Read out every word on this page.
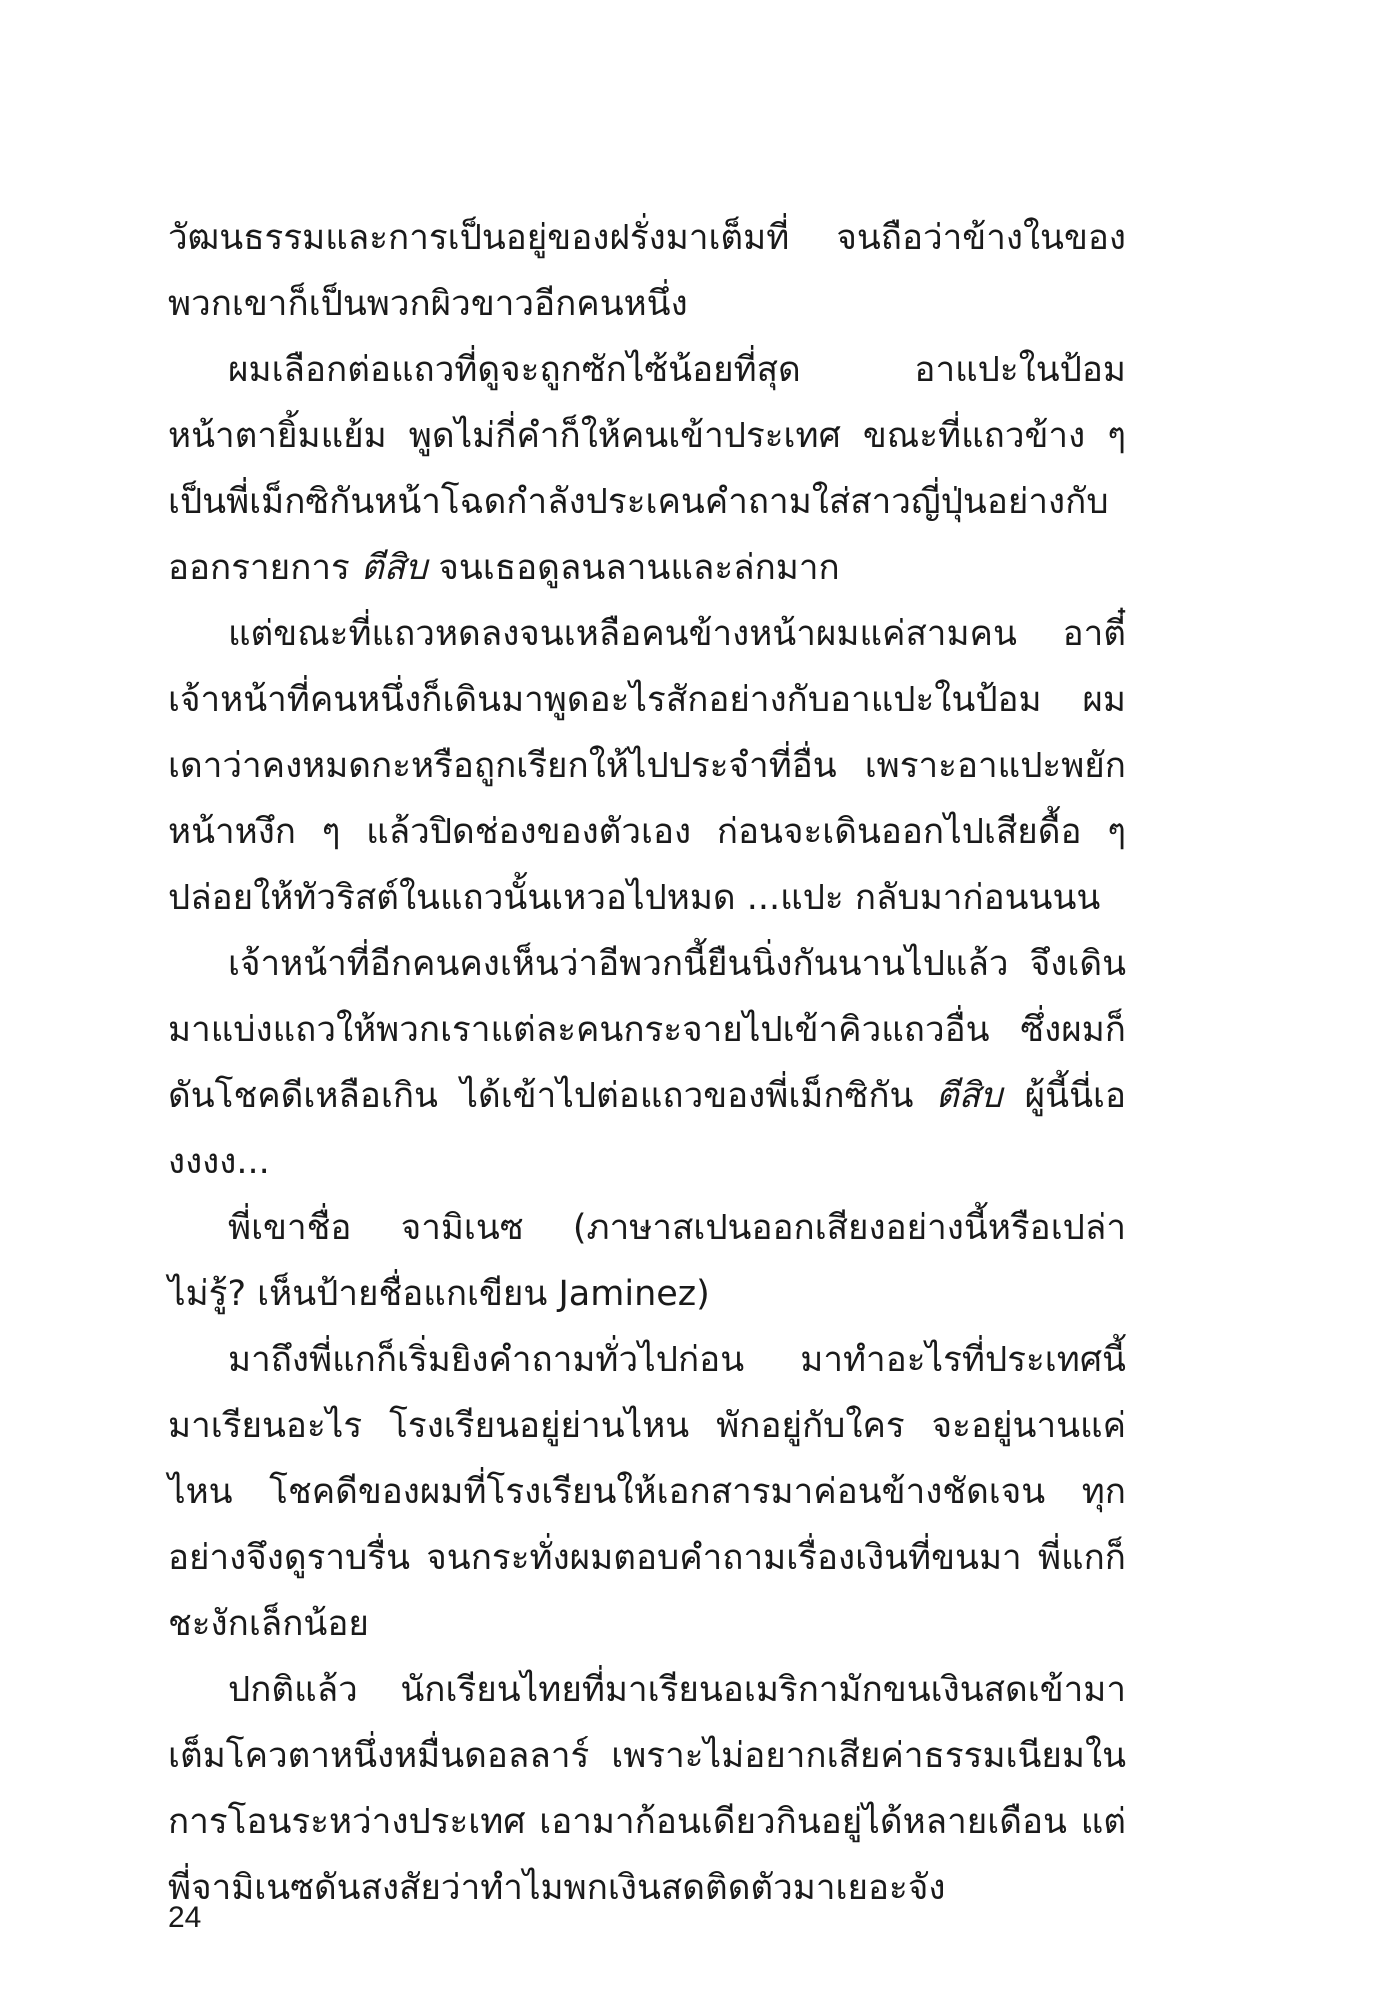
วัฒนธรรมและการเป็นอยู่ของฝรั่งมาเต็มที่ จนถือว่าข้างในของพวกเขาก็เป็นพวกผิวขาวอีกคนหนึ่ง

ผมเลือกต่อแถวที่ดูจะถูกซักไซ้น้อยที่สุด อาแปะในป้อมหน้าตายิ้มแย้ม พูดไม่กี่คำก็ให้คนเข้าประเทศ ขณะที่แถวข้าง ๆ เป็นพี่เม็กซิกันหน้าโฉดกำลังประเคนคำถามใส่สาวญี่ปุ่นอย่างกับออกรายการ ตีสิบ จนเธอดูลนลานและล่กมาก

แต่ขณะที่แถวหดลงจนเหลือคนข้างหน้าผมแค่สามคน อาตี๋เจ้าหน้าที่คนหนึ่งก็เดินมาพูดอะไรสักอย่างกับอาแปะในป้อม ผมเดาว่าคงหมดกะหรือถูกเรียกให้ไปประจำที่อื่น เพราะอาแปะพยักหน้าหงึก ๆ แล้วปิดช่องของตัวเอง ก่อนจะเดินออกไปเสียดื้อ ๆ ปล่อยให้ทัวริสต์ในแถวนั้นเหวอไปหมด ...แปะ กลับมาก่อนนนน

เจ้าหน้าที่อีกคนคงเห็นว่าอีพวกนี้ยืนนิ่งกันนานไปแล้ว จึงเดินมาแบ่งแถวให้พวกเราแต่ละคนกระจายไปเข้าคิวแถวอื่น ซึ่งผมก็ดันโชคดีเหลือเกิน ได้เข้าไปต่อแถวของพี่เม็กซิกัน ตีสิบ ผู้นี้นี่เองงงง...

พี่เขาชื่อ จามิเนซ (ภาษาสเปนออกเสียงอย่างนี้หรือเปล่าไม่รู้? เห็นป้ายชื่อแกเขียน Jaminez)

มาถึงพี่แกก็เริ่มยิงคำถามทั่วไปก่อน มาทำอะไรที่ประเทศนี้ มาเรียนอะไร โรงเรียนอยู่ย่านไหน พักอยู่กับใคร จะอยู่นานแค่ไหน โชคดีของผมที่โรงเรียนให้เอกสารมาค่อนข้างชัดเจน ทุกอย่างจึงดูราบรื่น จนกระทั่งผมตอบคำถามเรื่องเงินที่ขนมา พี่แกก็ชะงักเล็กน้อย

ปกติแล้ว นักเรียนไทยที่มาเรียนอเมริกามักขนเงินสดเข้ามาเต็มโควตาหนึ่งหมื่นดอลลาร์ เพราะไม่อยากเสียค่าธรรมเนียมในการโอนระหว่างประเทศ เอามาก้อนเดียวกินอยู่ได้หลายเดือน แต่พี่จามิเนซดันสงสัยว่าทำไมพกเงินสดติดตัวมาเยอะจัง

24
